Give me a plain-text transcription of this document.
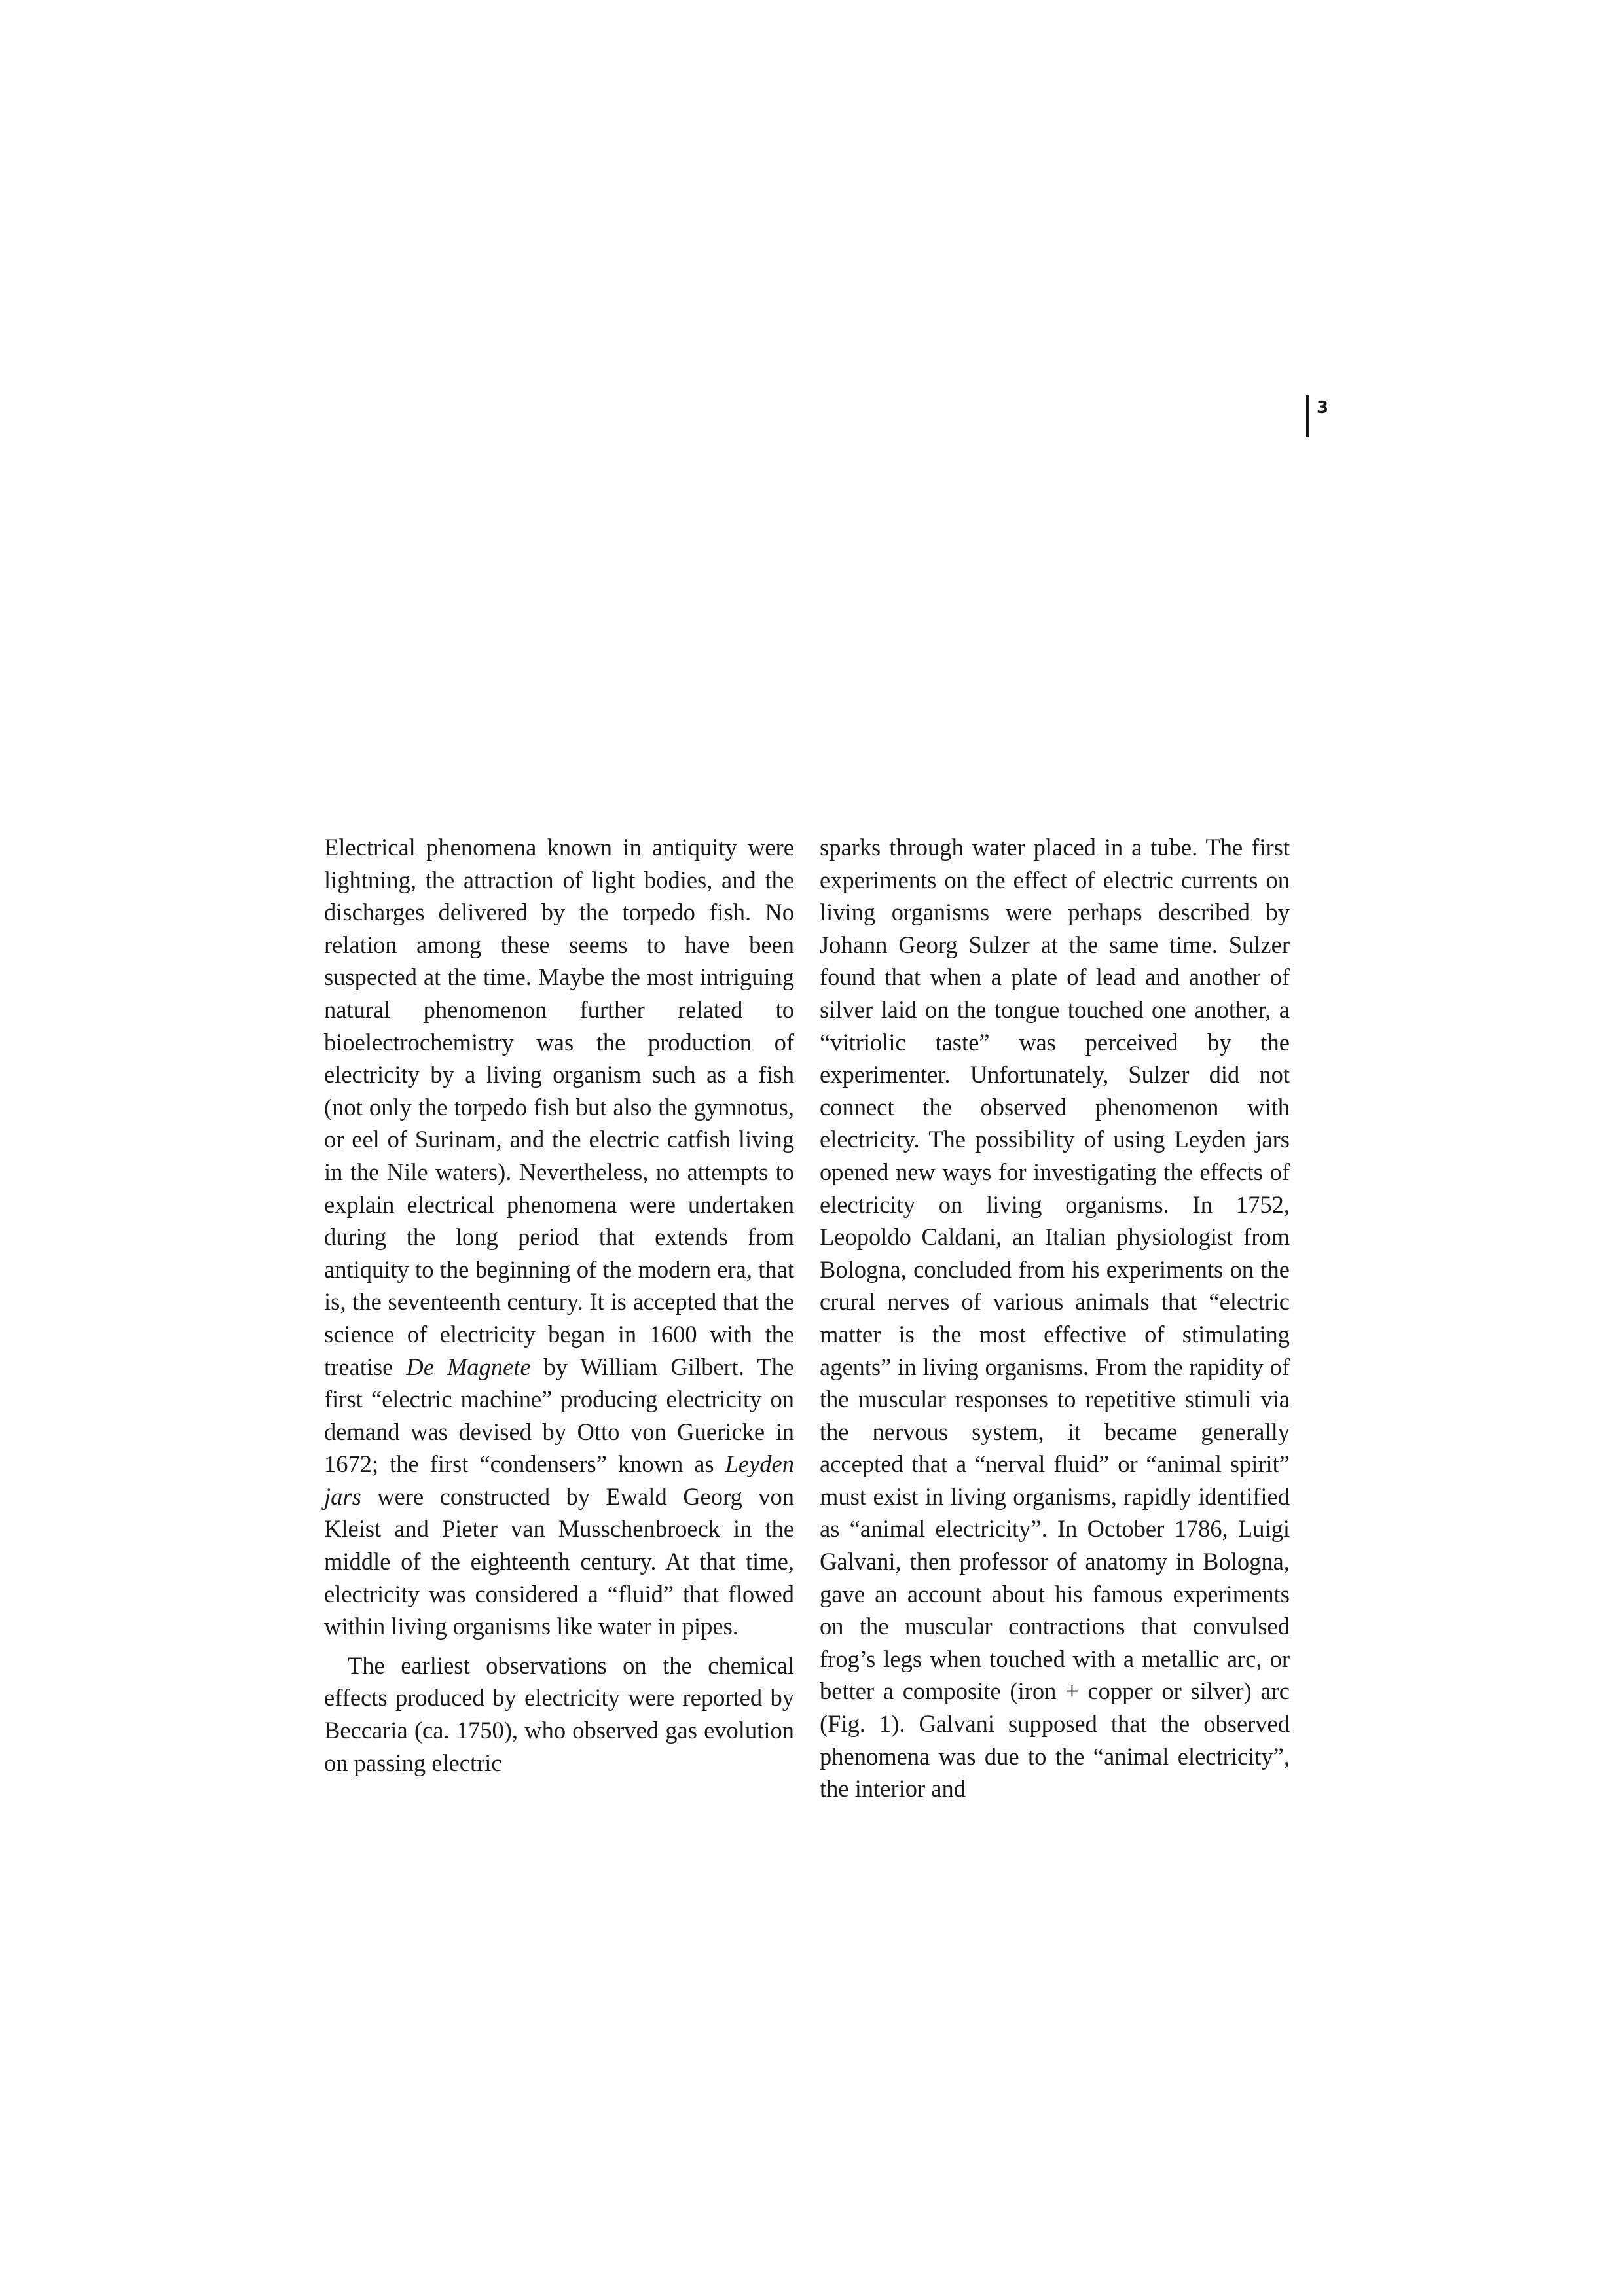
3

Electrical phenomena known in antiquity were lightning, the attraction of light bodies, and the discharges delivered by the torpedo fish. No relation among these seems to have been suspected at the time. Maybe the most intriguing natural phenomenon further related to bioelectrochemistry was the production of electricity by a living organism such as a fish (not only the torpedo fish but also the gymnotus, or eel of Surinam, and the electric catfish living in the Nile waters). Nevertheless, no attempts to explain electrical phenomena were undertaken during the long period that extends from antiquity to the beginning of the modern era, that is, the seventeenth century. It is accepted that the science of electricity began in 1600 with the treatise De Magnete by William Gilbert. The first “electric machine” producing electricity on demand was devised by Otto von Guericke in 1672; the first “condensers” known as Leyden jars were constructed by Ewald Georg von Kleist and Pieter van Musschenbroeck in the middle of the eighteenth century. At that time, electricity was considered a “fluid” that flowed within living organisms like water in pipes.

The earliest observations on the chemical effects produced by electricity were reported by Beccaria (ca. 1750), who observed gas evolution on passing electric

sparks through water placed in a tube. The first experiments on the effect of electric currents on living organisms were perhaps described by Johann Georg Sulzer at the same time. Sulzer found that when a plate of lead and another of silver laid on the tongue touched one another, a “vitriolic taste” was perceived by the experimenter. Unfortunately, Sulzer did not connect the observed phenomenon with electricity. The possibility of using Leyden jars opened new ways for investigating the effects of electricity on living organisms. In 1752, Leopoldo Caldani, an Italian physiologist from Bologna, concluded from his experiments on the crural nerves of various animals that “electric matter is the most effective of stimulating agents” in living organisms. From the rapidity of the muscular responses to repetitive stimuli via the nervous system, it became generally accepted that a “nerval fluid” or “animal spirit” must exist in living organisms, rapidly identified as “animal electricity”. In October 1786, Luigi Galvani, then professor of anatomy in Bologna, gave an account about his famous experiments on the muscular contractions that convulsed frog’s legs when touched with a metallic arc, or better a composite (iron + copper or silver) arc (Fig. 1). Galvani supposed that the observed phenomena was due to the “animal electricity”, the interior and
